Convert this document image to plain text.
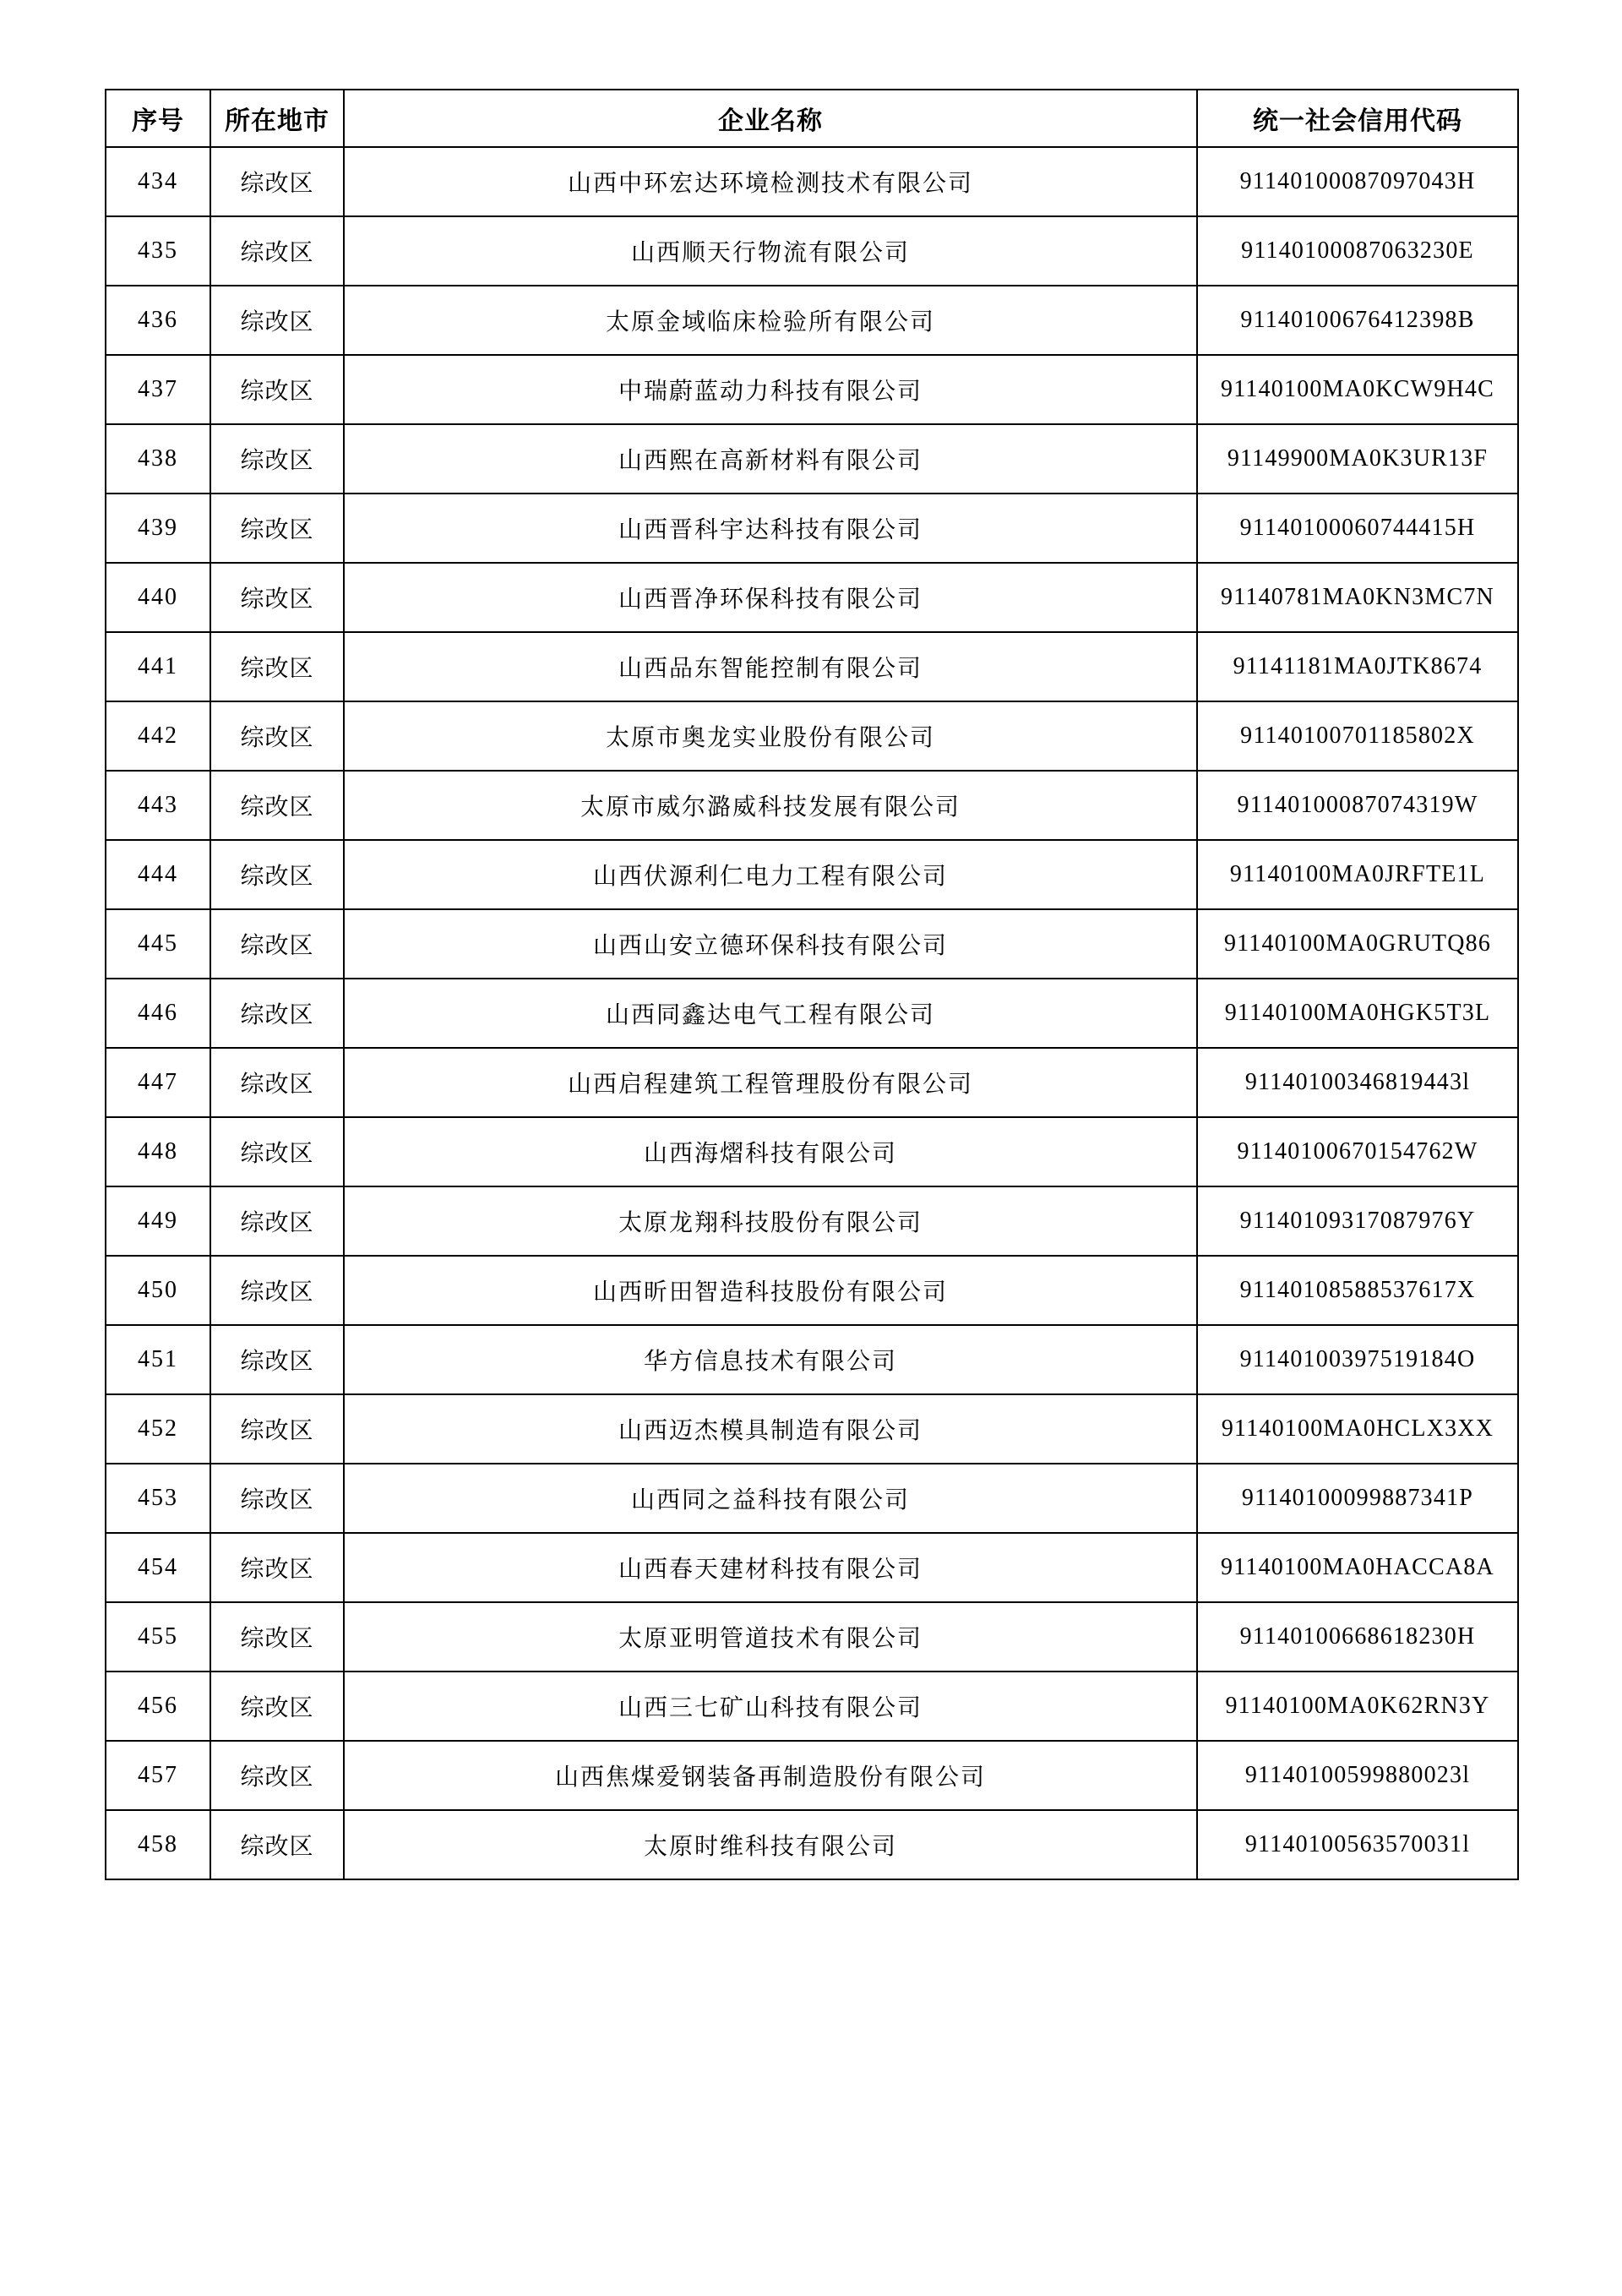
序号	所在地市	企业名称	统一社会信用代码
434	综改区	山西中环宏达环境检测技术有限公司	91140100087097043H
435	综改区	山西顺天行物流有限公司	91140100087063230E
436	综改区	太原金域临床检验所有限公司	91140100676412398B
437	综改区	中瑞蔚蓝动力科技有限公司	91140100MA0KCW9H4C
438	综改区	山西熙在高新材料有限公司	91149900MA0K3UR13F
439	综改区	山西晋科宇达科技有限公司	91140100060744415H
440	综改区	山西晋净环保科技有限公司	91140781MA0KN3MC7N
441	综改区	山西品东智能控制有限公司	91141181MA0JTK8674
442	综改区	太原市奥龙实业股份有限公司	91140100701185802X
443	综改区	太原市威尔潞威科技发展有限公司	91140100087074319W
444	综改区	山西伏源利仁电力工程有限公司	91140100MA0JRFTE1L
445	综改区	山西山安立德环保科技有限公司	91140100MA0GRUTQ86
446	综改区	山西同鑫达电气工程有限公司	91140100MA0HGK5T3L
447	综改区	山西启程建筑工程管理股份有限公司	91140100346819443l
448	综改区	山西海熠科技有限公司	91140100670154762W
449	综改区	太原龙翔科技股份有限公司	91140109317087976Y
450	综改区	山西昕田智造科技股份有限公司	91140108588537617X
451	综改区	华方信息技术有限公司	91140100397519184O
452	综改区	山西迈杰模具制造有限公司	91140100MA0HCLX3XX
453	综改区	山西同之益科技有限公司	91140100099887341P
454	综改区	山西春天建材科技有限公司	91140100MA0HACCA8A
455	综改区	太原亚明管道技术有限公司	91140100668618230H
456	综改区	山西三七矿山科技有限公司	91140100MA0K62RN3Y
457	综改区	山西焦煤爱钢装备再制造股份有限公司	91140100599880023l
458	综改区	太原时维科技有限公司	91140100563570031l
